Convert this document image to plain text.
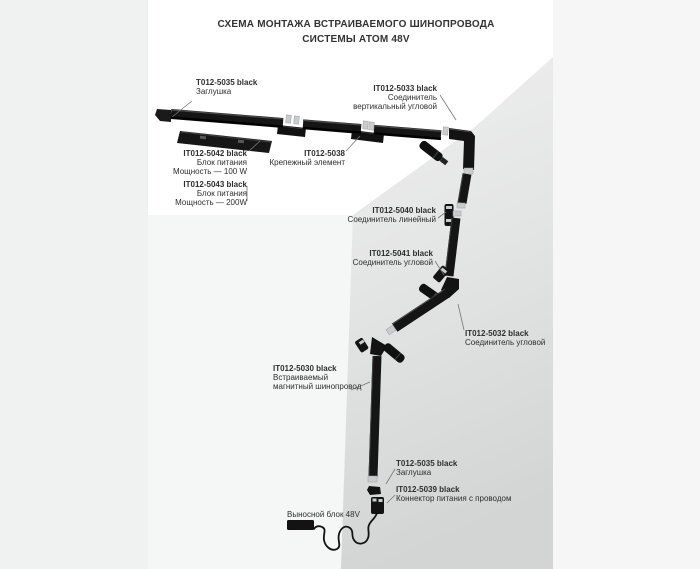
СХЕМА МОНТАЖА ВСТРАИВАЕМОГО ШИНОПРОВОДА
СИСТЕМЫ АТОМ 48V
T012-5035 black
Заглушка	IT012-5033 black
Соединитель
вертикальный угловой
IT012-5042 black
Блок питания
Мощность — 100 W
IT012-5043 black
Блок питания
Мощность — 200W
IT012-5038
Крепежный элемент
IT012-5040 black
Соединитель линейный
IT012-5041 black
Соединитель угловой
IT012-5032 black
Соединитель угловой
IT012-5030 black
Встраиваемый
магнитный шинопровод
T012-5035 black
Заглушка
IT012-5039 black
Коннектор питания с проводом
Выносной блок 48V
